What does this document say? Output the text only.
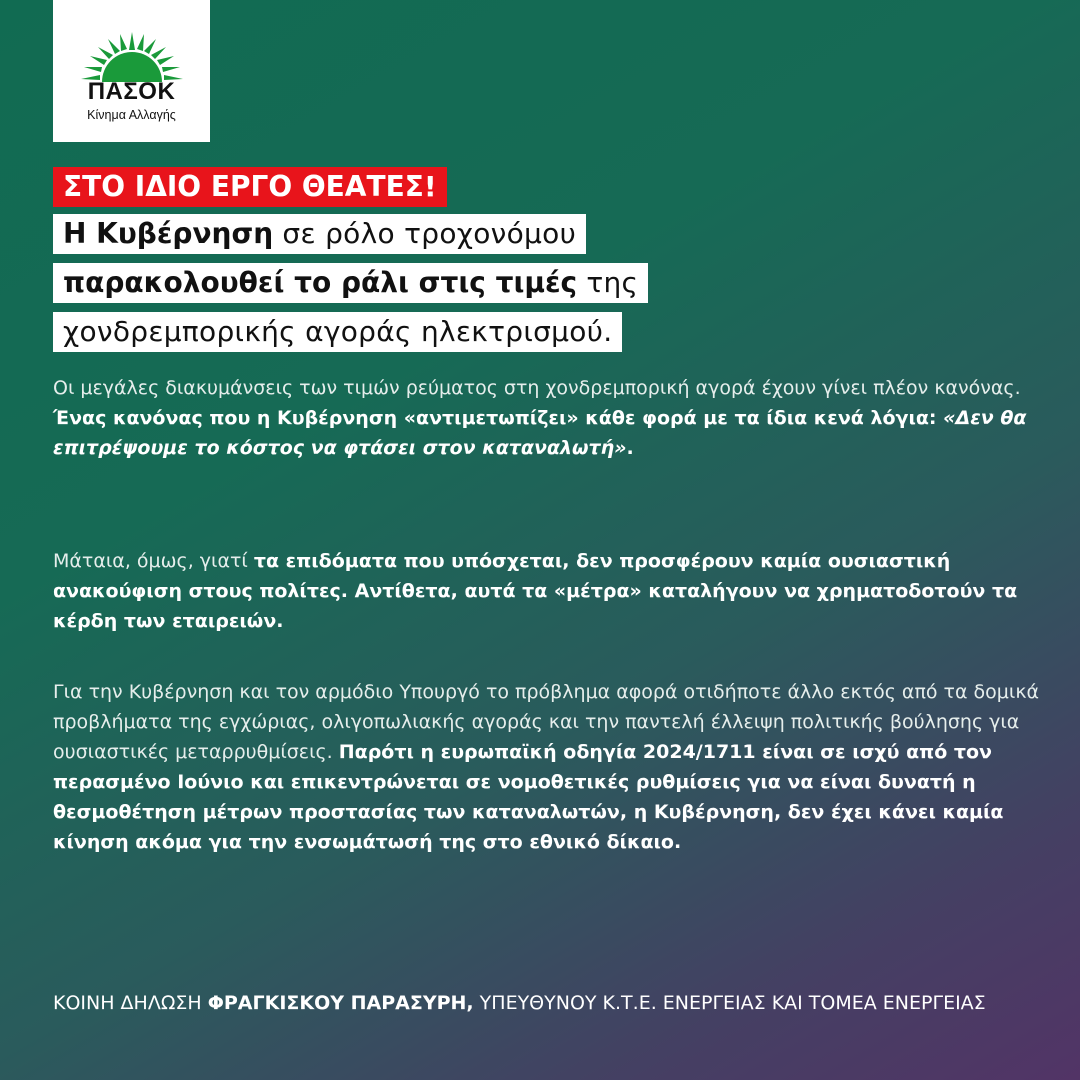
ΠΑΣΟΚ
Κίνημα Αλλαγής
ΣΤΟ ΙΔΙΟ ΕΡΓΟ ΘΕΑΤΕΣ!
Η Κυβέρνηση σε ρόλο τροχονόμου
παρακολουθεί το ράλι στις τιμές της
χονδρεμπορικής αγοράς ηλεκτρισμού.
Οι μεγάλες διακυμάνσεις των τιμών ρεύματος στη χονδρεμπορική αγορά έχουν γίνει πλέον κανόνας. Ένας κανόνας που η Κυβέρνηση «αντιμετωπίζει» κάθε φορά με τα ίδια κενά λόγια: «Δεν θα επιτρέψουμε το κόστος να φτάσει στον καταναλωτή».
Μάταια, όμως, γιατί τα επιδόματα που υπόσχεται, δεν προσφέρουν καμία ουσιαστική ανακούφιση στους πολίτες. Αντίθετα, αυτά τα «μέτρα» καταλήγουν να χρηματοδοτούν τα κέρδη των εταιρειών.
Για την Κυβέρνηση και τον αρμόδιο Υπουργό το πρόβλημα αφορά οτιδήποτε άλλο εκτός από τα δομικά προβλήματα της εγχώριας, ολιγοπωλιακής αγοράς και την παντελή έλλειψη πολιτικής βούλησης για ουσιαστικές μεταρρυθμίσεις. Παρότι η ευρωπαϊκή οδηγία 2024/1711 είναι σε ισχύ από τον περασμένο Ιούνιο και επικεντρώνεται σε νομοθετικές ρυθμίσεις για να είναι δυνατή η θεσμοθέτηση μέτρων προστασίας των καταναλωτών, η Κυβέρνηση, δεν έχει κάνει καμία κίνηση ακόμα για την ενσωμάτωσή της στο εθνικό δίκαιο.
ΚΟΙΝΗ ΔΗΛΩΣΗ ΦΡΑΓΚΙΣΚΟΥ ΠΑΡΑΣΥΡΗ, ΥΠΕΥΘΥΝΟΥ Κ.Τ.Ε. ΕΝΕΡΓΕΙΑΣ ΚΑΙ ΤΟΜΕΑ ΕΝΕΡΓΕΙΑΣ
